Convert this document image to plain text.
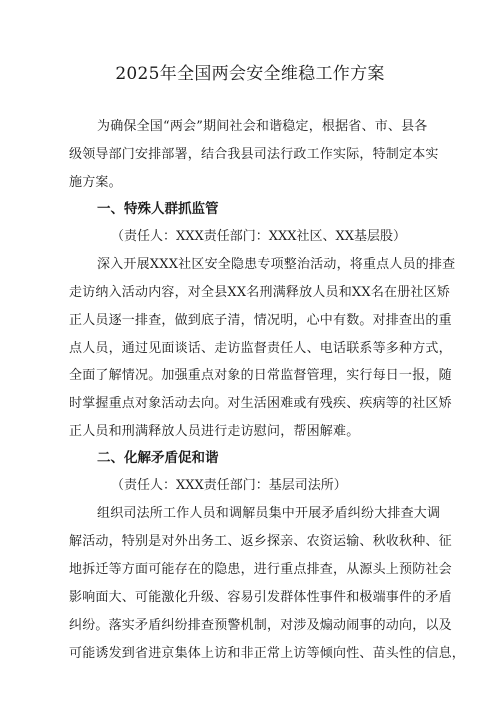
2025年全国两会安全维稳工作方案
为确保全国“两会”期间社会和谐稳定，根据省、市、县各
级领导部门安排部署，结合我县司法行政工作实际，特制定本实
施方案。
一、特殊人群抓监管
（责任人：XXX责任部门：XXX社区、XX基层股）
深入开展XXX社区安全隐患专项整治活动，将重点人员的排查
走访纳入活动内容，对全县XX名刑满释放人员和XX名在册社区矫
正人员逐一排查，做到底子清，情况明，心中有数。对排查出的重
点人员，通过见面谈话、走访监督责任人、电话联系等多种方式，
全面了解情况。加强重点对象的日常监督管理，实行每日一报，随
时掌握重点对象活动去向。对生活困难或有残疾、疾病等的社区矫
正人员和刑满释放人员进行走访慰问，帮困解难。
二、化解矛盾促和谐
（责任人：XXX责任部门：基层司法所）
组织司法所工作人员和调解员集中开展矛盾纠纷大排查大调
解活动，特别是对外出务工、返乡探亲、农资运输、秋收秋种、征
地拆迁等方面可能存在的隐患，进行重点排查，从源头上预防社会
影响面大、可能激化升级、容易引发群体性事件和极端事件的矛盾
纠纷。落实矛盾纠纷排查预警机制，对涉及煽动闹事的动向，以及
可能诱发到省进京集体上访和非正常上访等倾向性、苗头性的信息，
